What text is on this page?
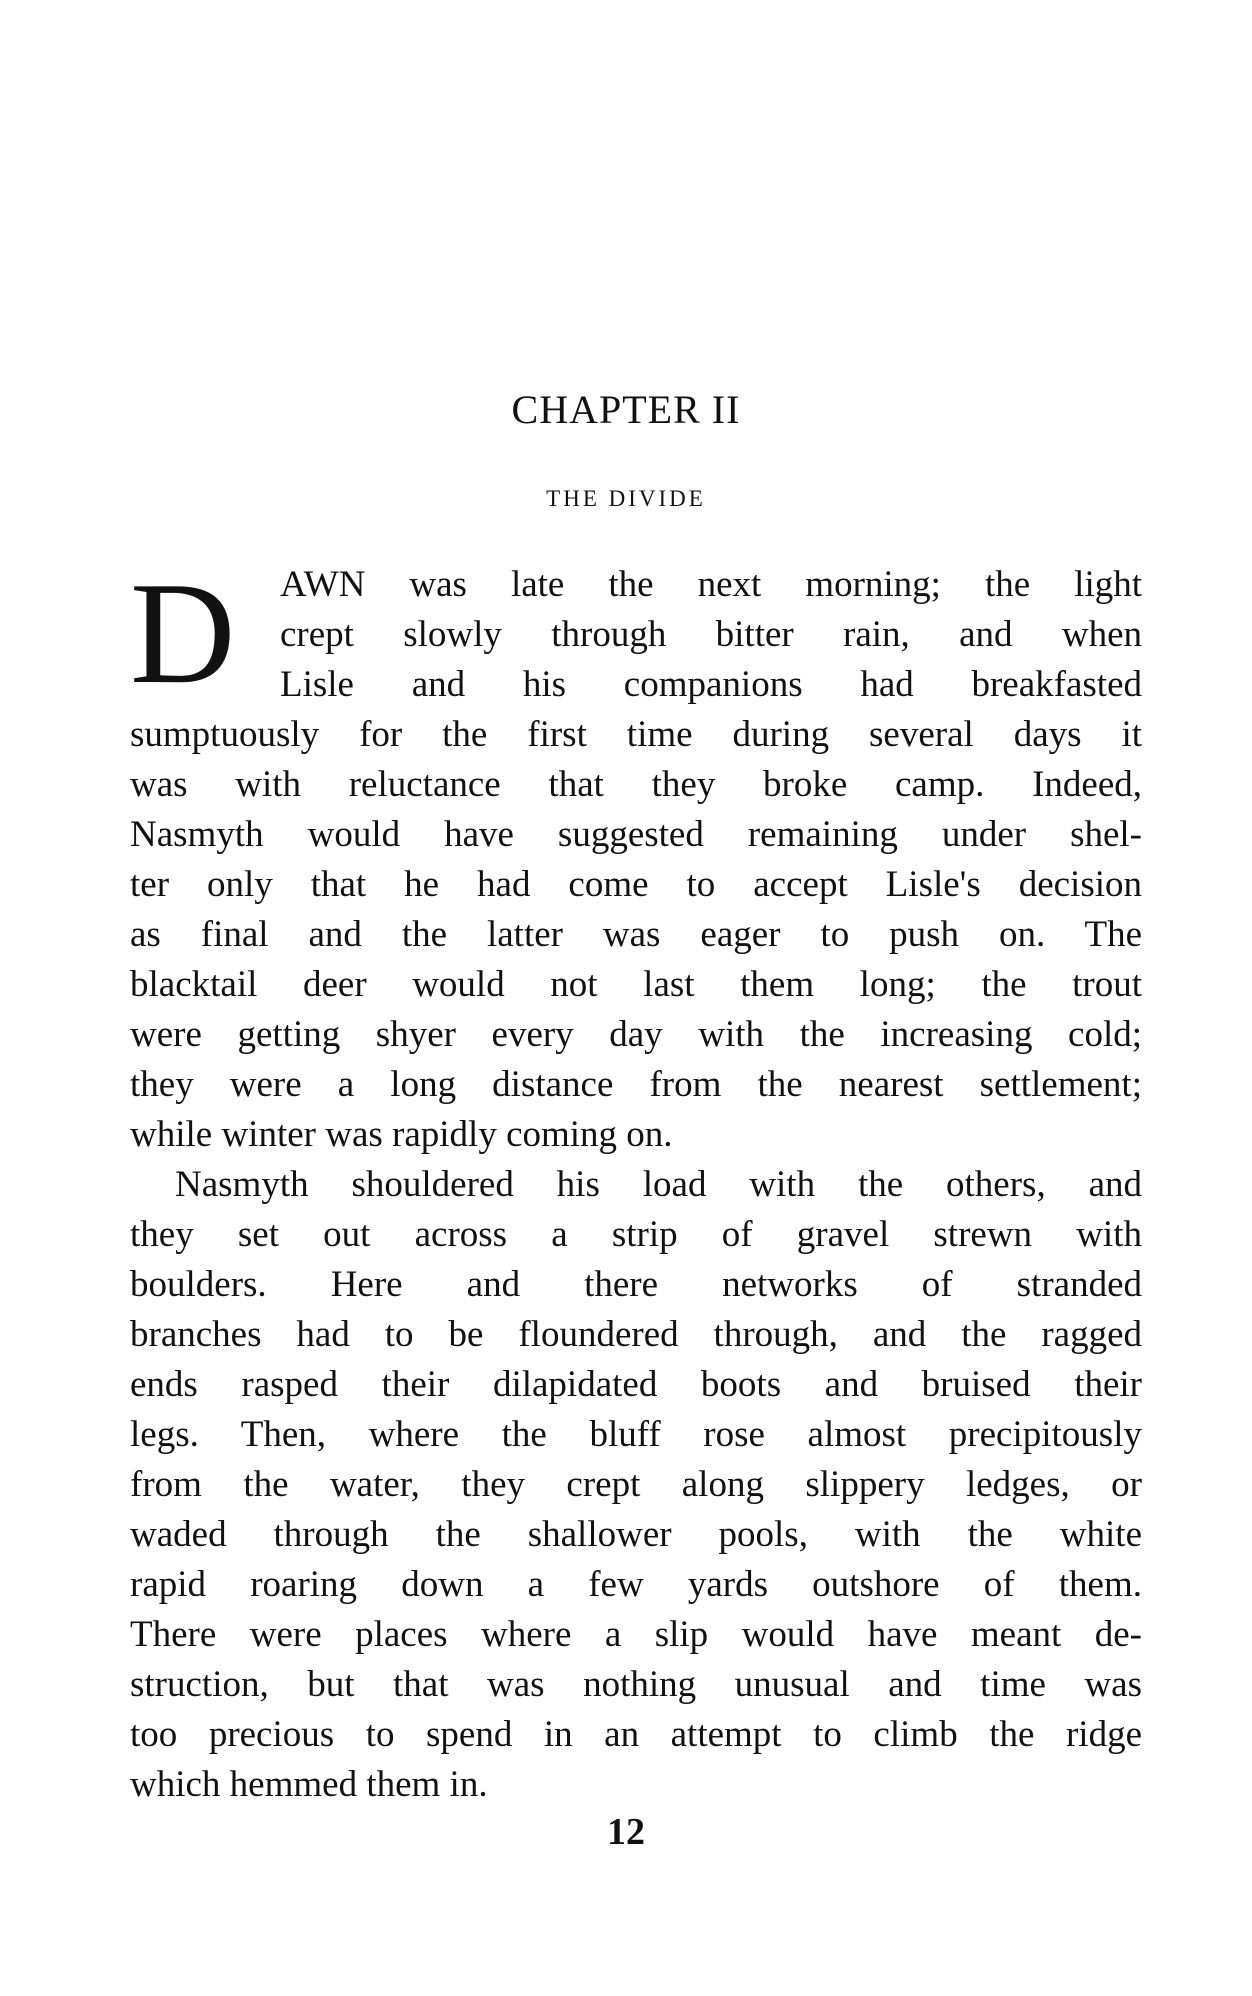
CHAPTER II
THE DIVIDE
D	AWN was late the next morning; the light
crept slowly through bitter rain, and when
Lisle and his companions had breakfasted
sumptuously for the first time during several days it
was with reluctance that they broke camp. Indeed,
Nasmyth would have suggested remaining under shel-
ter only that he had come to accept Lisle's decision
as final and the latter was eager to push on. The
blacktail deer would not last them long; the trout
were getting shyer every day with the increasing cold;
they were a long distance from the nearest settlement;
while winter was rapidly coming on.
Nasmyth shouldered his load with the others, and
they set out across a strip of gravel strewn with
boulders. Here and there networks of stranded
branches had to be floundered through, and the ragged
ends rasped their dilapidated boots and bruised their
legs. Then, where the bluff rose almost precipitously
from the water, they crept along slippery ledges, or
waded through the shallower pools, with the white
rapid roaring down a few yards outshore of them.
There were places where a slip would have meant de-
struction, but that was nothing unusual and time was
too precious to spend in an attempt to climb the ridge
which hemmed them in.
12
